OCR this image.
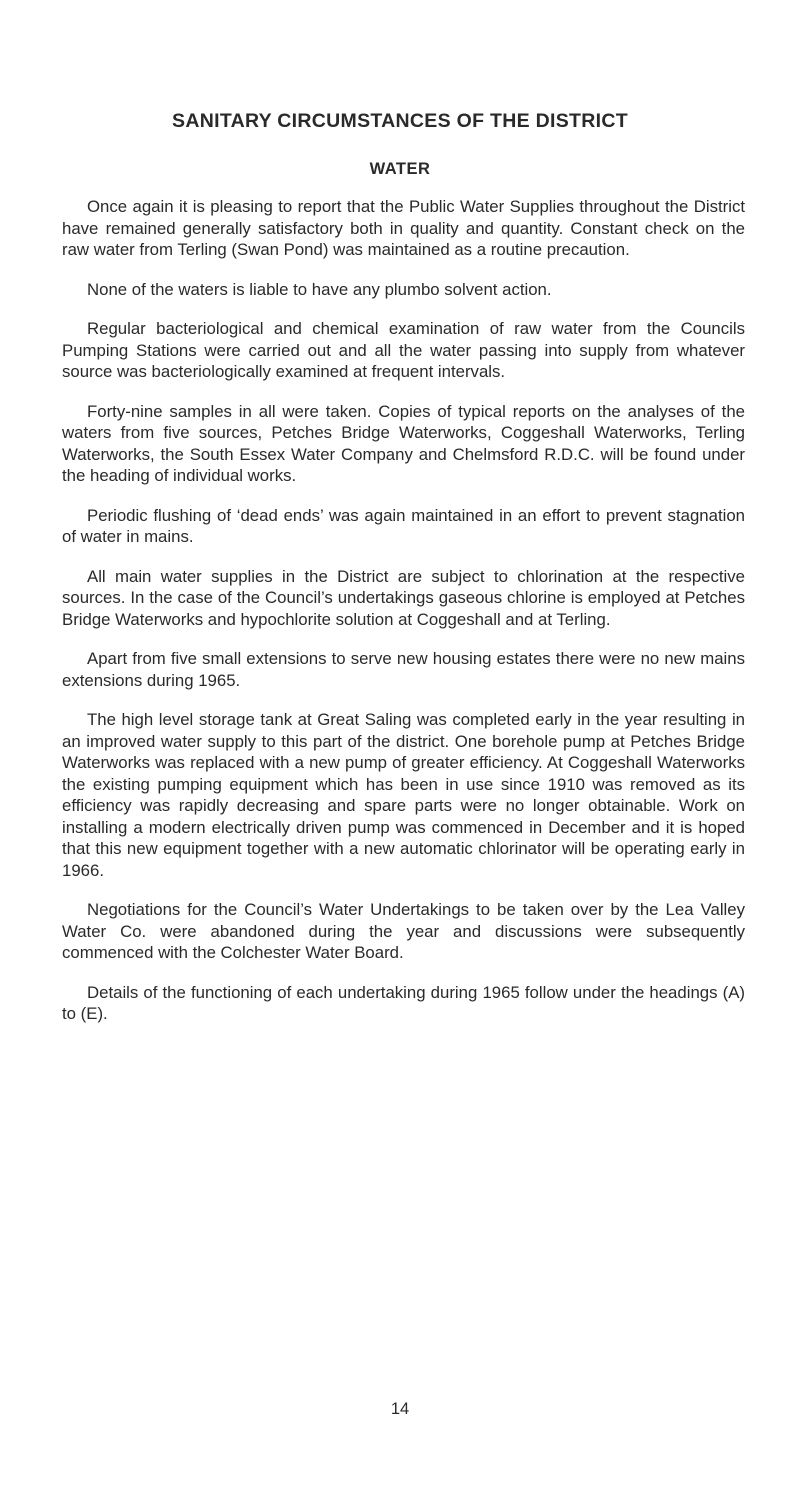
SANITARY CIRCUMSTANCES OF THE DISTRICT
WATER

Once again it is pleasing to report that the Public Water Supplies throughout the District have remained generally satisfactory both in quality and quantity. Constant check on the raw water from Terling (Swan Pond) was maintained as a routine precaution.

None of the waters is liable to have any plumbo solvent action.

Regular bacteriological and chemical examination of raw water from the Councils Pumping Stations were carried out and all the water passing into supply from whatever source was bacteriologically examined at frequent intervals.

Forty-nine samples in all were taken. Copies of typical reports on the analyses of the waters from five sources, Petches Bridge Waterworks, Coggeshall Waterworks, Terling Waterworks, the South Essex Water Company and Chelmsford R.D.C. will be found under the heading of individual works.

Periodic flushing of ‘dead ends’ was again maintained in an effort to prevent stagnation of water in mains.

All main water supplies in the District are subject to chlorination at the respective sources. In the case of the Council’s undertakings gaseous chlorine is employed at Petches Bridge Waterworks and hypochlorite solution at Coggeshall and at Terling.

Apart from five small extensions to serve new housing estates there were no new mains extensions during 1965.

The high level storage tank at Great Saling was completed early in the year resulting in an improved water supply to this part of the district. One borehole pump at Petches Bridge Waterworks was replaced with a new pump of greater efficiency. At Coggeshall Waterworks the existing pumping equipment which has been in use since 1910 was removed as its efficiency was rapidly decreasing and spare parts were no longer obtainable. Work on installing a modern electrically driven pump was commenced in December and it is hoped that this new equipment together with a new automatic chlorinator will be operating early in 1966.

Negotiations for the Council’s Water Undertakings to be taken over by the Lea Valley Water Co. were abandoned during the year and discussions were subsequently commenced with the Colchester Water Board.

Details of the functioning of each undertaking during 1965 follow under the headings (A) to (E).

14
